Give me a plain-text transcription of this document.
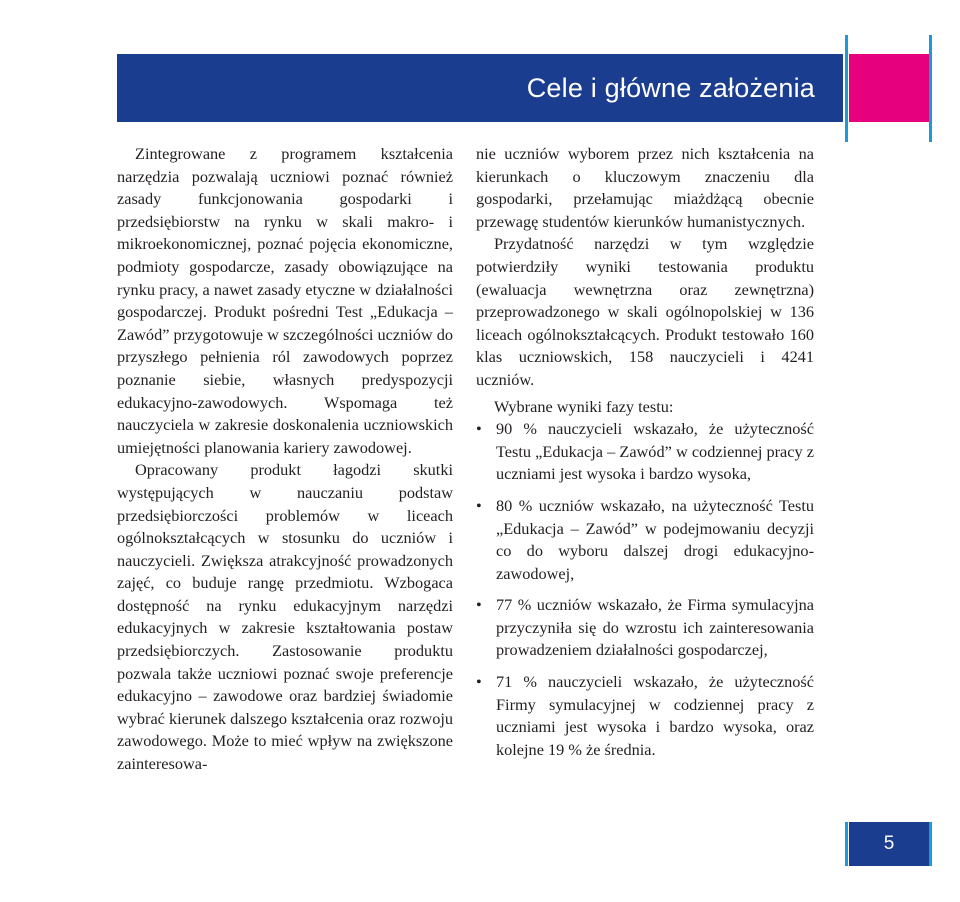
Cele i główne założenia

Zintegrowane z programem kształcenia narzędzia pozwalają uczniowi poznać również zasady funkcjonowania gospodarki i przedsiębiorstw na rynku w skali makro- i mikroekonomicznej, poznać pojęcia ekonomiczne, podmioty gospodarcze, zasady obowiązujące na rynku pracy, a nawet zasady etyczne w działalności gospodarczej. Produkt pośredni Test „Edukacja – Zawód” przygotowuje w szczególności uczniów do przyszłego pełnienia ról zawodowych poprzez poznanie siebie, własnych predyspozycji edukacyjno-zawodowych. Wspomaga też nauczyciela w zakresie doskonalenia uczniowskich umiejętności planowania kariery zawodowej.

Opracowany produkt łagodzi skutki występujących w nauczaniu podstaw przedsiębiorczości problemów w liceach ogólnokształcących w stosunku do uczniów i nauczycieli. Zwiększa atrakcyjność prowadzonych zajęć, co buduje rangę przedmiotu. Wzbogaca dostępność na rynku edukacyjnym narzędzi edukacyjnych w zakresie kształtowania postaw przedsiębiorczych. Zastosowanie produktu pozwala także uczniowi poznać swoje preferencje edukacyjno – zawodowe oraz bardziej świadomie wybrać kierunek dalszego kształcenia oraz rozwoju zawodowego. Może to mieć wpływ na zwiększone zainteresowa-

nie uczniów wyborem przez nich kształcenia na kierunkach o kluczowym znaczeniu dla gospodarki, przełamując miażdżącą obecnie przewagę studentów kierunków humanistycznych.

Przydatność narzędzi w tym względzie potwierdziły wyniki testowania produktu (ewaluacja wewnętrzna oraz zewnętrzna) przeprowadzonego w skali ogólnopolskiej w 136 liceach ogólnokształcących. Produkt testowało 160 klas uczniowskich, 158 nauczycieli i 4241 uczniów.

Wybrane wyniki fazy testu:

• 90 % nauczycieli wskazało, że użyteczność Testu „Edukacja – Zawód” w codziennej pracy z uczniami jest wysoka i bardzo wysoka,
• 80 % uczniów wskazało, na użyteczność Testu „Edukacja – Zawód” w podejmowaniu decyzji co do wyboru dalszej drogi edukacyjno-zawodowej,
• 77 % uczniów wskazało, że Firma symulacyjna przyczyniła się do wzrostu ich zainteresowania prowadzeniem działalności gospodarczej,
• 71 % nauczycieli wskazało, że użyteczność Firmy symulacyjnej w codziennej pracy z uczniami jest wysoka i bardzo wysoka, oraz kolejne 19 % że średnia.
5
